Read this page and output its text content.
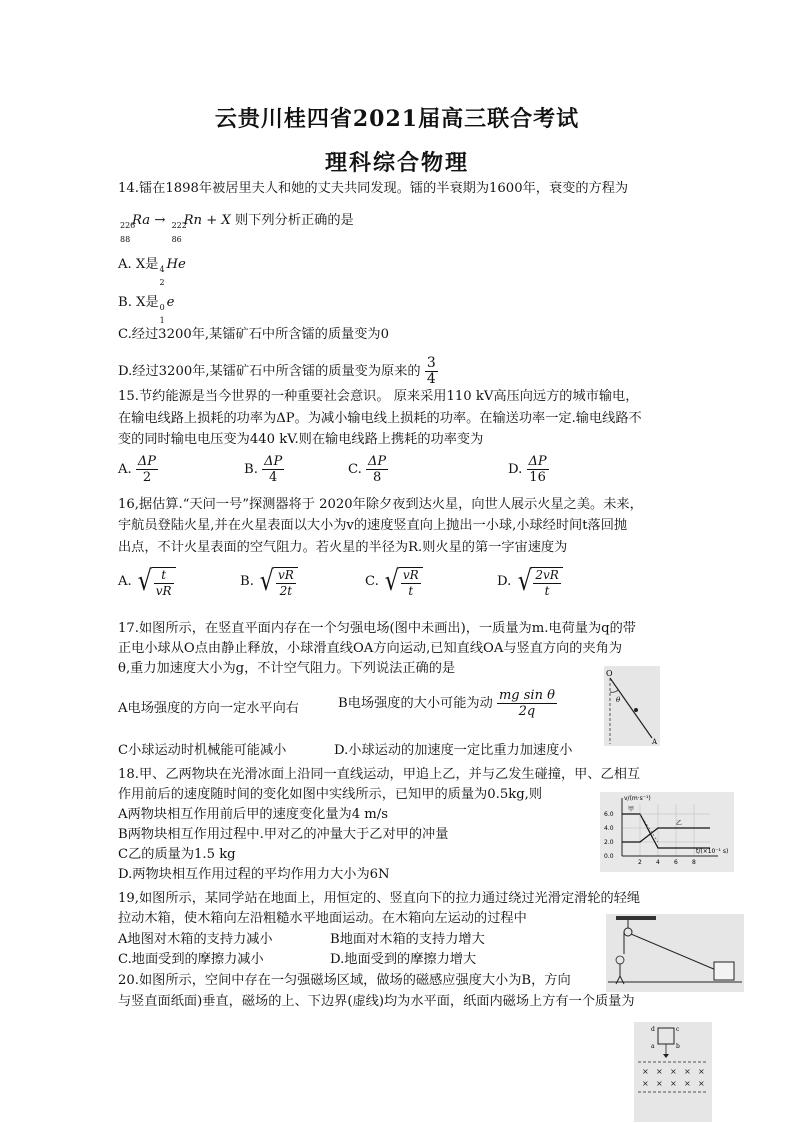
云贵川桂四省2021届高三联合考试
理科综合物理
14.镭在1898年被居里夫人和她的丈夫共同发现。镭的半衰期为1600年，衰变的方程为
226
88
Ra → 222
86
Rn + X 则下列分析正确的是
A. X是 4
2
He
B. X是 0
1
e
C.经过3200年,某镭矿石中所含镭的质量变为0
D.经过3200年,某镭矿石中所含镭的质量变为原来的 $\frac{3}{4}$
15.节约能源是当今世界的一种重要社会意识。 原来采用110 kV高压向远方的城市输电，
在输电线路上损耗的功率为ΔP。为减小输电线上损耗的功率。在输送功率一定.输电线路不
变的同时输电电压变为440 kV.则在输电线路上携耗的功率变为
A. $\frac{\Delta P}{2}$	B. $\frac{\Delta P}{4}$	C. $\frac{\Delta P}{8}$	D. $\frac{\Delta P}{16}$
16,据估算.“天问一号”探测器将于 2020年除夕夜到达火星，向世人展示火星之美。未来，
宇航员登陆火星,并在火星表面以大小为v的速度竖直向上抛出一小球,小球经时间t落回抛
出点，不计火星表面的空气阻力。若火星的半径为R.则火星的第一字宙速度为
A. √ $\frac{t}{vR}$	B. √ $\frac{vR}{2t}$	C. √ $\frac{vR}{t}$	D. √ $\frac{2vR}{t}$
17.如图所示，在竖直平面内存在一个匀强电场(图中未画出)，一质量为m.电荷量为q的带
正电小球从O点由静止释放，小球滑直线OA方向运动,已知直线OA与竖直方向的夹角为
θ,重力加速度大小为g，不计空气阻力。下列说法正确的是
A电场强度的方向一定水平向右	B电场强度的大小可能为动 $\frac{\text{mg sin θ}}{2q}$
C小球运动时机械能可能减小	D.小球运动的加速度一定比重力加速度小
O
θ
A
18.甲、乙两物块在光滑冰面上沿同一直线运动，甲追上乙，并与乙发生碰撞，甲、乙相互
作用前后的速度随时间的变化如图中实线所示，已知甲的质量为0.5kg,则
A两物块相互作用前后甲的速度变化量为4 m/s
B两物块相互作用过程中.甲对乙的冲量大于乙对甲的冲量
C乙的质量为1.5 kg
D.两物块相互作用过程的平均作用力大小为6N
v/(m·s⁻¹)
t/(×10⁻¹ s)
6.0
4.0
2.0
0.0
2 4 6 8
甲
乙
19,如图所示，某同学站在地面上，用恒定的、竖直向下的拉力通过绕过光滑定滑轮的轻绳
拉动木箱，使木箱向左沿粗糙水平地面运动。在木箱向左运动的过程中
A地图对木箱的支持力减小	B地面对木箱的支持力增大
C.地面受到的摩擦力减小	D.地面受到的摩擦力增大
20.如图所示，空间中存在一匀强磁场区域，做场的磁感应强度大小为B，方向
与竖直面纸面)垂直，磁场的上、下边界(虚线)均为水平面，纸面内磁场上方有一个质量为
d	c
a	b
× × × × ×
× × × × ×
